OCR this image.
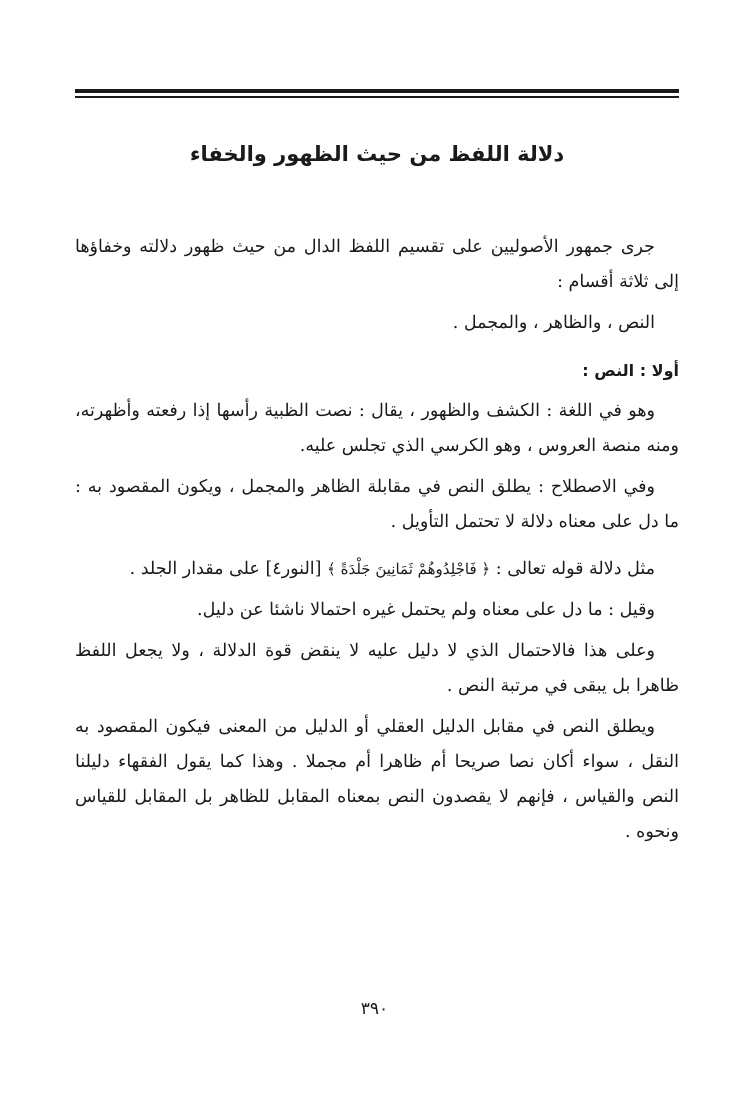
دلالة اللفظ من حيث الظهور والخفاء

جرى جمهور الأصوليين على تقسيم اللفظ الدال من حيث ظهور دلالته وخفاؤها إلى ثلاثة أقسام :

النص ، والظاهر ، والمجمل .

أولا : النص :

وهو في اللغة : الكشف والظهور ، يقال : نصت الظبية رأسها إذا رفعته وأظهرته، ومنه منصة العروس ، وهو الكرسي الذي تجلس عليه.

وفي الاصطلاح : يطلق النص في مقابلة الظاهر والمجمل ، ويكون المقصود به : ما دل على معناه دلالة لا تحتمل التأويل .

مثل دلالة قوله تعالى : ﴿ فَاجْلِدُوهُمْ ثَمَانِينَ جَلْدَةً ﴾ [النور٤] على مقدار الجلد .

وقيل : ما دل على معناه ولم يحتمل غيره احتمالا ناشئا عن دليل.

وعلى هذا فالاحتمال الذي لا دليل عليه لا ينقض قوة الدلالة ، ولا يجعل اللفظ ظاهرا بل يبقى في مرتبة النص .

ويطلق النص في مقابل الدليل العقلي أو الدليل من المعنى فيكون المقصود به النقل ، سواء أكان نصا صريحا أم ظاهرا أم مجملا . وهذا كما يقول الفقهاء دليلنا النص والقياس ، فإنهم لا يقصدون النص بمعناه المقابل للظاهر بل المقابل للقياس ونحوه .

٣٩٠
